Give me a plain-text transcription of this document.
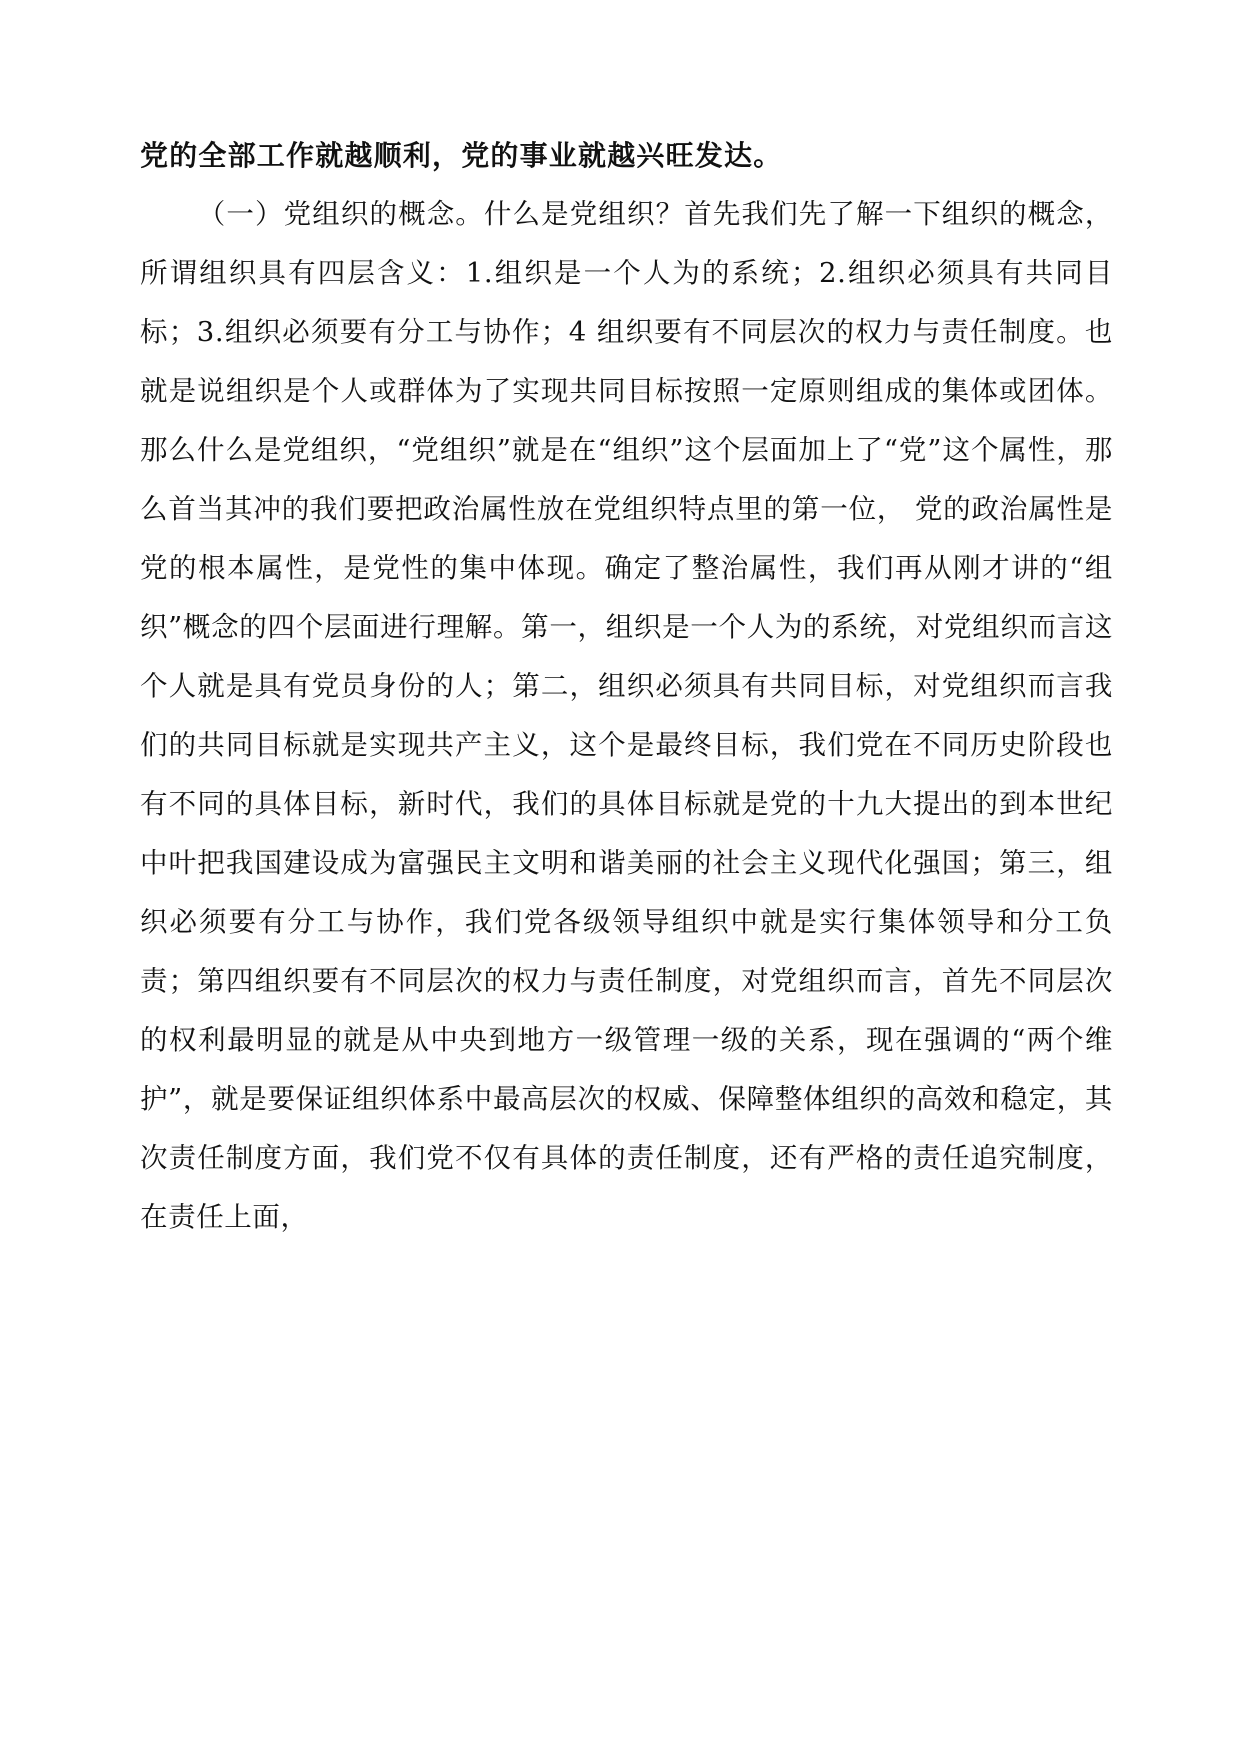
党的全部工作就越顺利，党的事业就越兴旺发达。

（一）党组织的概念。什么是党组织？首先我们先了解一下组织的概念，所谓组织具有四层含义：1.组织是一个人为的系统；2.组织必须具有共同目标；3.组织必须要有分工与协作；4 组织要有不同层次的权力与责任制度。也就是说组织是个人或群体为了实现共同目标按照一定原则组成的集体或团体。那么什么是党组织，“党组织”就是在“组织”这个层面加上了“党”这个属性，那么首当其冲的我们要把政治属性放在党组织特点里的第一位， 党的政治属性是党的根本属性，是党性的集中体现。确定了整治属性，我们再从刚才讲的“组织”概念的四个层面进行理解。第一，组织是一个人为的系统，对党组织而言这个人就是具有党员身份的人；第二，组织必须具有共同目标，对党组织而言我们的共同目标就是实现共产主义，这个是最终目标，我们党在不同历史阶段也有不同的具体目标，新时代，我们的具体目标就是党的十九大提出的到本世纪中叶把我国建设成为富强民主文明和谐美丽的社会主义现代化强国；第三，组织必须要有分工与协作，我们党各级领导组织中就是实行集体领导和分工负责；第四组织要有不同层次的权力与责任制度，对党组织而言，首先不同层次的权利最明显的就是从中央到地方一级管理一级的关系，现在强调的“两个维护”，就是要保证组织体系中最高层次的权威、保障整体组织的高效和稳定，其次责任制度方面，我们党不仅有具体的责任制度，还有严格的责任追究制度，在责任上面，
